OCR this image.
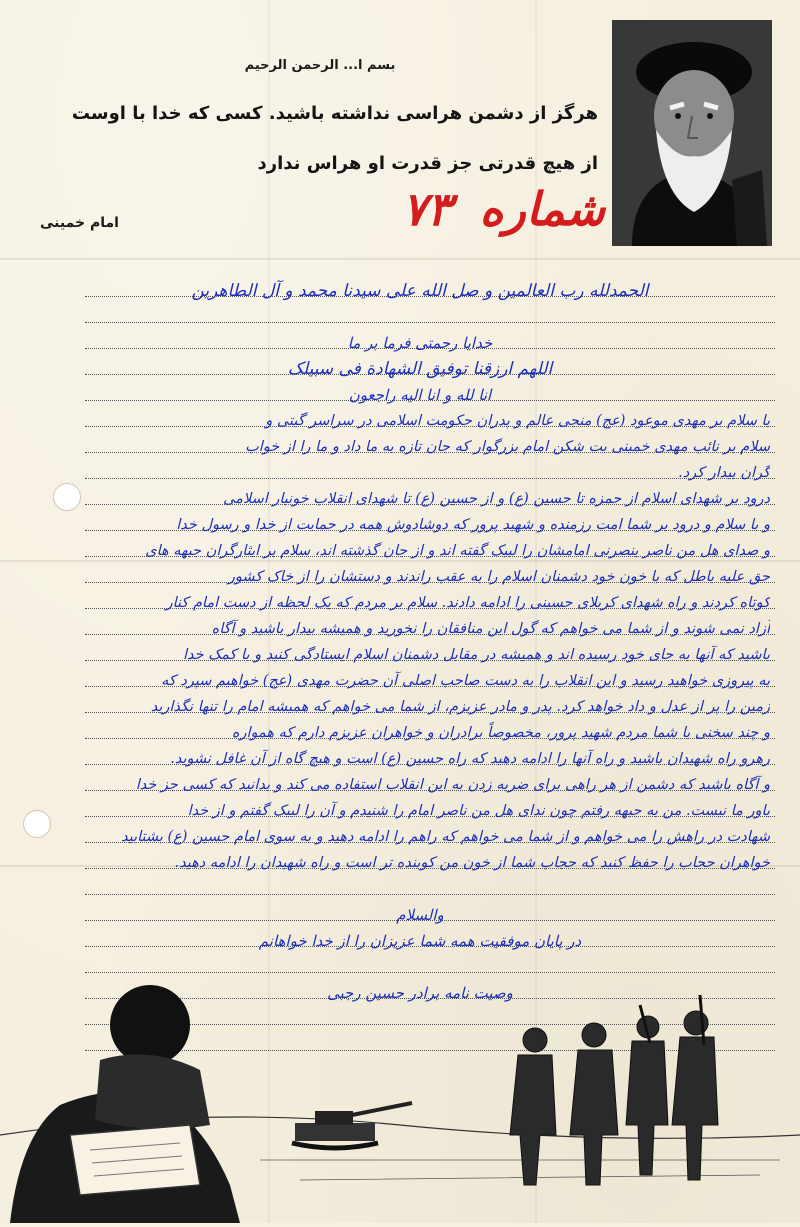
بسم ا... الرحمن الرحیم
هرگز از دشمن هراسی نداشته باشید. کسی که خدا با اوست
از هیچ قدرتی جز قدرت او هراس ندارد
امام خمینی	شماره ۷۳
الحمدلله رب العالمین و صل الله علی سیدنا محمد و آل الطاهرین
خدایا رحمتی فرما بر ما
اللهم ارزقنا توفیق الشهادة فی سبیلک
انا لله و انا الیه راجعون
با سلام بر مهدی موعود (عج) منجی عالم و پدران حکومت اسلامی در سراسر گیتی و
سلام بر نائب مهدی خمینی بت شکن امام بزرگوار که جان تازه به ما داد و ما را از خواب
گران بیدار کرد.
درود بر شهدای اسلام از حمزه تا حسین (ع) و از حسین (ع) تا شهدای انقلاب خونبار اسلامی
و با سلام و درود بر شما امت رزمنده و شهید پرور که دوشادوش همه در حمایت از خدا و رسول خدا
و صدای هل من ناصر ینصرنی امامشان را لبیک گفته اند و از جان گذشته اند، سلام بر ایثارگران جبهه های
حق علیه باطل که با خون خود دشمنان اسلام را به عقب راندند و دستشان را از خاک کشور
کوتاه کردند و راه شهدای کربلای حسینی را ادامه دادند. سلام بر مردم که یک لحظه از دست امام کنار
آزاد نمی شوند و از شما می خواهم که گول این منافقان را نخورید و همیشه بیدار باشید و آگاه
باشید که آنها به جای خود رسیده اند و همیشه در مقابل دشمنان اسلام ایستادگی کنید و با کمک خدا
به پیروزی خواهید رسید و این انقلاب را به دست صاحب اصلی آن حضرت مهدی (عج) خواهیم سپرد که
زمین را پر از عدل و داد خواهد کرد. پدر و مادر عزیزم، از شما می خواهم که همیشه امام را تنها نگذارید
و چند سخنی با شما مردم شهید پرور، مخصوصاً برادران و خواهران عزیزم دارم که همواره
رهرو راه شهیدان باشید و راه آنها را ادامه دهید که راه حسین (ع) است و هیچ گاه از آن غافل نشوید.
و آگاه باشید که دشمن از هر راهی برای ضربه زدن به این انقلاب استفاده می کند و بدانید که کسی جز خدا
یاور ما نیست. من به جبهه رفتم چون ندای هل من ناصر امام را شنیدم و آن را لبیک گفتم و از خدا
شهادت در راهش را می خواهم و از شما می خواهم که راهم را ادامه دهید و به سوی امام حسین (ع) بشتابید
خواهران حجاب را حفظ کنید که حجاب شما از خون من کوبنده تر است و راه شهیدان را ادامه دهید.
والسلام
در پایان موفقیت همه شما عزیزان را از خدا خواهانم
وصیت نامه برادر حسین رجبی
